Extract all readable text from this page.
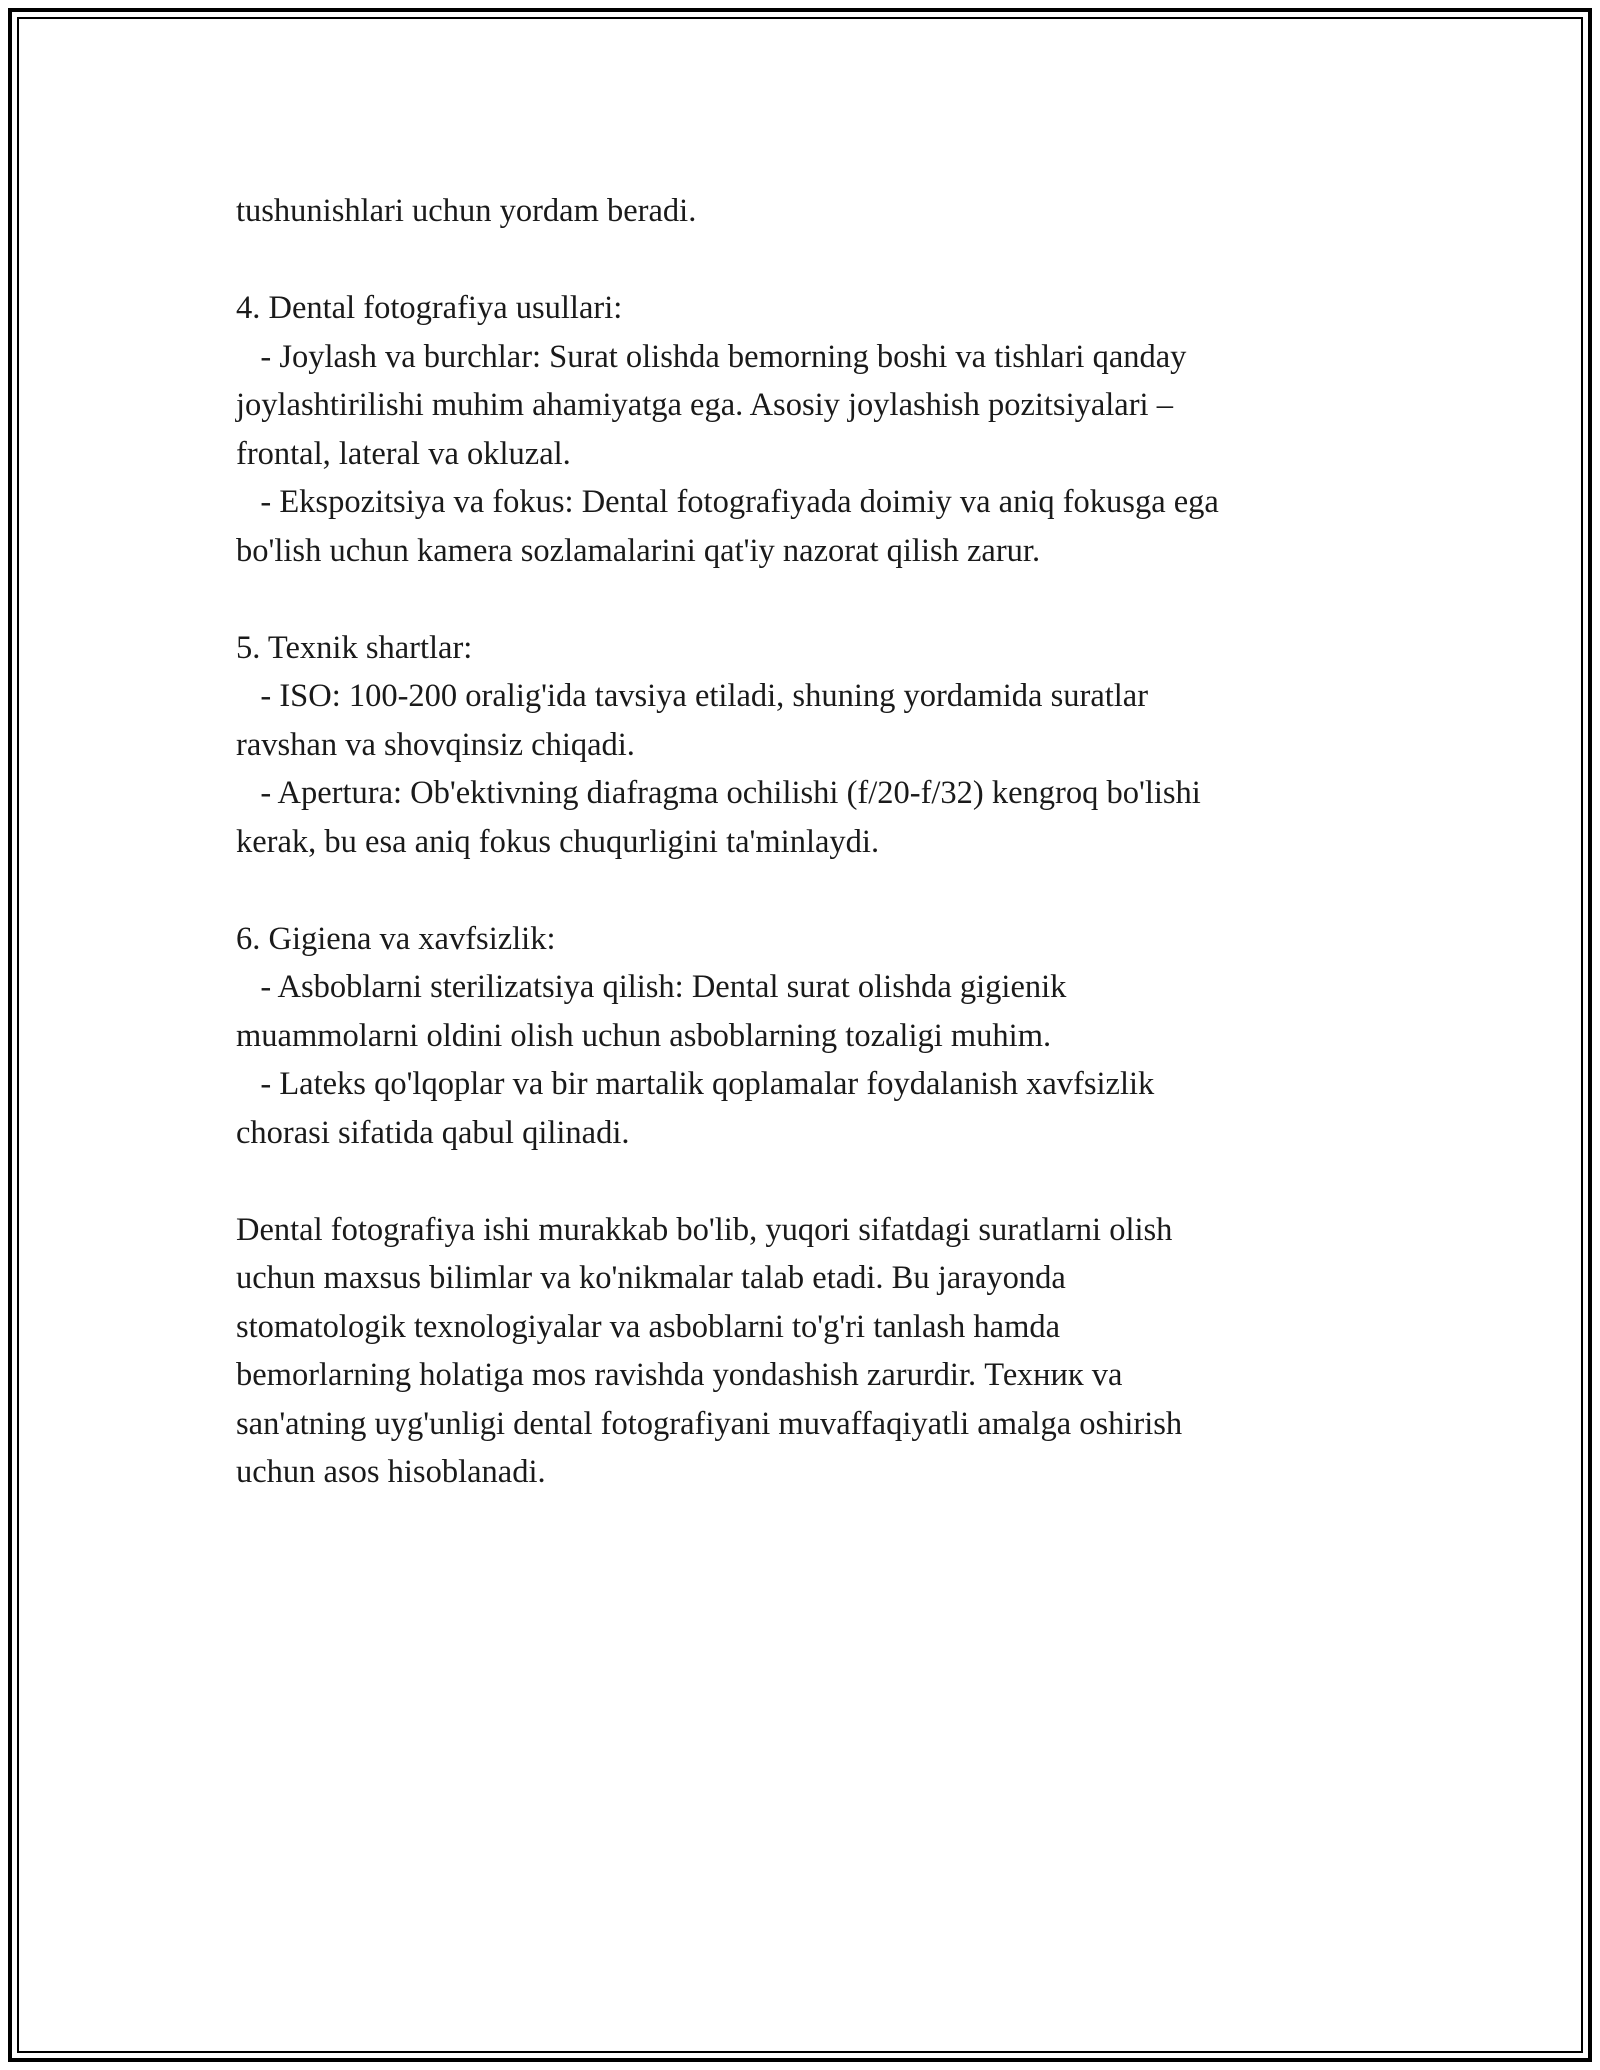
tushunishlari uchun yordam beradi.
4. Dental fotografiya usullari:
- Joylash va burchlar: Surat olishda bemorning boshi va tishlari qanday
joylashtirilishi muhim ahamiyatga ega. Asosiy joylashish pozitsiyalari –
frontal, lateral va okluzal.
- Ekspozitsiya va fokus: Dental fotografiyada doimiy va aniq fokusga ega
bo'lish uchun kamera sozlamalarini qat'iy nazorat qilish zarur.
5. Texnik shartlar:
- ISO: 100-200 oralig'ida tavsiya etiladi, shuning yordamida suratlar
ravshan va shovqinsiz chiqadi.
- Apertura: Ob'ektivning diafragma ochilishi (f/20-f/32) kengroq bo'lishi
kerak, bu esa aniq fokus chuqurligini ta'minlaydi.
6. Gigiena va xavfsizlik:
- Asboblarni sterilizatsiya qilish: Dental surat olishda gigienik
muammolarni oldini olish uchun asboblarning tozaligi muhim.
- Lateks qo'lqoplar va bir martalik qoplamalar foydalanish xavfsizlik
chorasi sifatida qabul qilinadi.
Dental fotografiya ishi murakkab bo'lib, yuqori sifatdagi suratlarni olish
uchun maxsus bilimlar va ko'nikmalar talab etadi. Bu jarayonda
stomatologik texnologiyalar va asboblarni to'g'ri tanlash hamda
bemorlarning holatiga mos ravishda yondashish zarurdir. Техник va
san'atning uyg'unligi dental fotografiyani muvaffaqiyatli amalga oshirish
uchun asos hisoblanadi.
